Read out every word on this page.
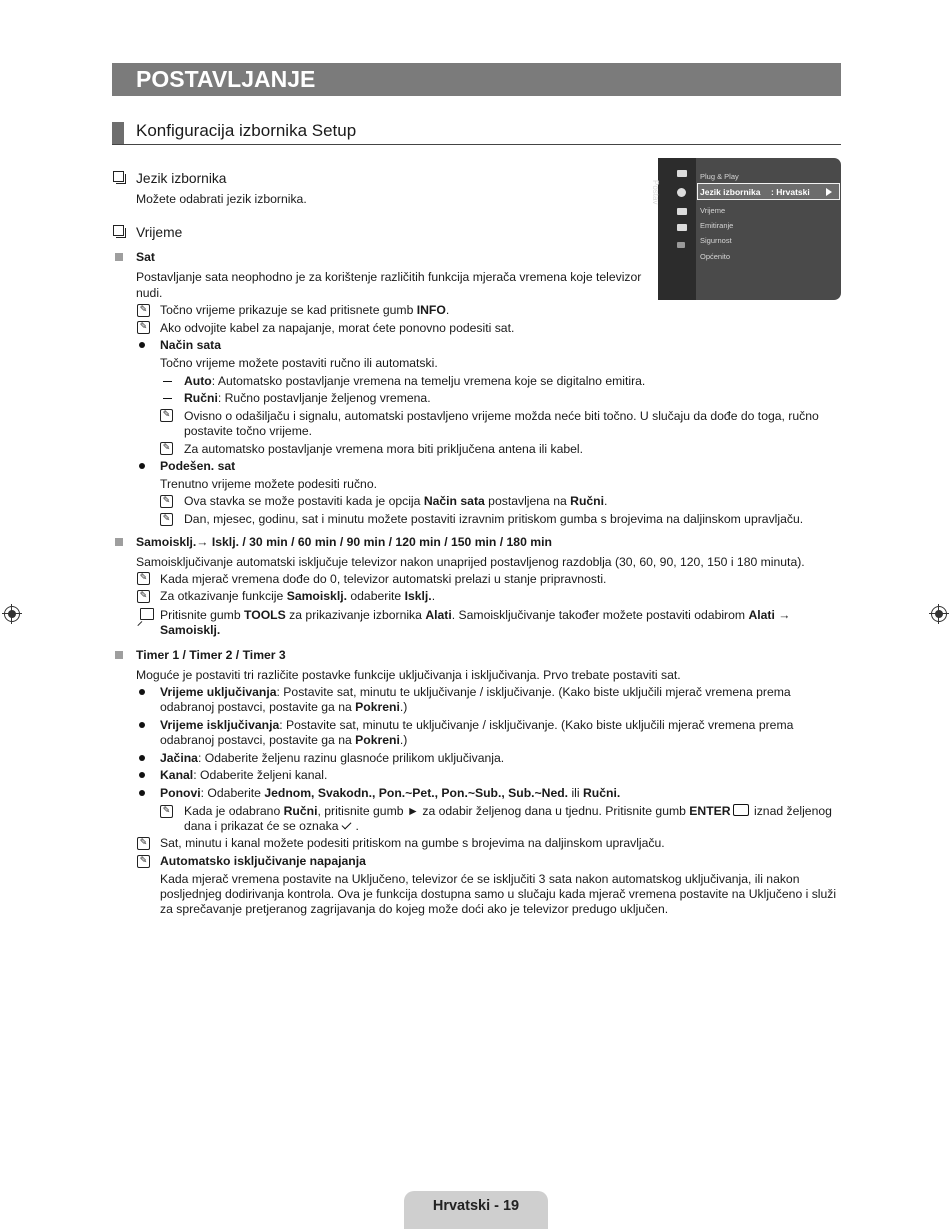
POSTAVLJANJE
Konfiguracija izbornika Setup
Postav
Plug & Play
Jezik izbornika : Hrvatski
Vrijeme
Emitiranje
Sigurnost
Općenito
Jezik izbornika
Možete odabrati jezik izbornika.
Vrijeme
Sat
Postavljanje sata neophodno je za korištenje različitih funkcija mjerača vremena koje televizor
nudi.
✎ Točno vrijeme prikazuje se kad pritisnete gumb INFO.
✎ Ako odvojite kabel za napajanje, morat ćete ponovno podesiti sat.
Način sata
Točno vrijeme možete postaviti ručno ili automatski.
Auto: Automatsko postavljanje vremena na temelju vremena koje se digitalno emitira.
Ručni: Ručno postavljanje željenog vremena.
✎ Ovisno o odašiljaču i signalu, automatski postavljeno vrijeme možda neće biti točno. U slučaju da dođe do toga, ručno
postavite točno vrijeme.
✎ Za automatsko postavljanje vremena mora biti priključena antena ili kabel.
Podešen. sat
Trenutno vrijeme možete podesiti ručno.
✎ Ova stavka se može postaviti kada je opcija Način sata postavljena na Ručni.
✎ Dan, mjesec, godinu, sat i minutu možete postaviti izravnim pritiskom gumba s brojevima na daljinskom upravljaču.
Samoisklj.→ Isklj. / 30 min / 60 min / 90 min / 120 min / 150 min / 180 min
Samoisključivanje automatski isključuje televizor nakon unaprijed postavljenog razdoblja (30, 60, 90, 120, 150 i 180 minuta).
✎ Kada mjerač vremena dođe do 0, televizor automatski prelazi u stanje pripravnosti.
✎ Za otkazivanje funkcije Samoisklj. odaberite Isklj..
Pritisnite gumb TOOLS za prikazivanje izbornika Alati. Samoisključivanje također možete postaviti odabirom Alati →
Samoisklj.
Timer 1 / Timer 2 / Timer 3
Moguće je postaviti tri različite postavke funkcije uključivanja i isključivanja. Prvo trebate postaviti sat.
Vrijeme uključivanja: Postavite sat, minutu te uključivanje / isključivanje. (Kako biste uključili mjerač vremena prema
odabranoj postavci, postavite ga na Pokreni.)
Vrijeme isključivanja: Postavite sat, minutu te uključivanje / isključivanje. (Kako biste uključili mjerač vremena prema
odabranoj postavci, postavite ga na Pokreni.)
Jačina: Odaberite željenu razinu glasnoće prilikom uključivanja.
Kanal: Odaberite željeni kanal.
Ponovi: Odaberite Jednom, Svakodn., Pon.~Pet., Pon.~Sub., Sub.~Ned. ili Ručni.
✎ Kada je odabrano Ručni, pritisnite gumb ► za odabir željenog dana u tjednu. Pritisnite gumb ENTER iznad željenog
dana i prikazat će se oznaka .
✎ Sat, minutu i kanal možete podesiti pritiskom na gumbe s brojevima na daljinskom upravljaču.
✎ Automatsko isključivanje napajanja
Kada mjerač vremena postavite na Uključeno, televizor će se isključiti 3 sata nakon automatskog uključivanja, ili nakon
posljednjeg dodirivanja kontrola. Ova je funkcija dostupna samo u slučaju kada mjerač vremena postavite na Uključeno i služi
za sprečavanje pretjeranog zagrijavanja do kojeg može doći ako je televizor predugo uključen.
Hrvatski - 19
